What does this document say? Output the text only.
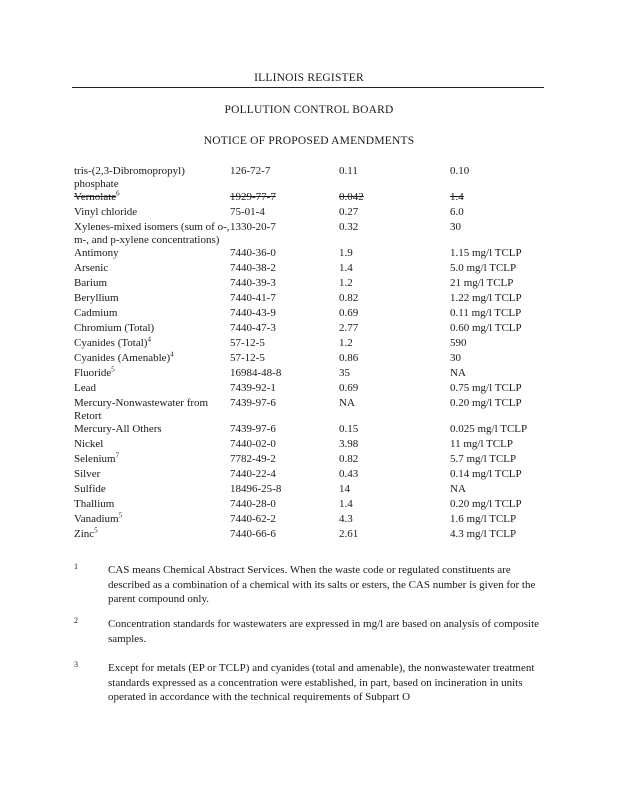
ILLINOIS REGISTER
POLLUTION CONTROL BOARD
NOTICE OF PROPOSED AMENDMENTS
tris-(2,3-Dibromopropyl) phosphate	126-72-7	0.11	0.10
Vernolate$^6$	1929-77-7	0.042	1.4
Vinyl chloride	75-01-4	0.27	6.0
Xylenes-mixed isomers (sum of o-, m-, and p-xylene concentrations)	1330-20-7	0.32	30
Antimony	7440-36-0	1.9	1.15 mg/l TCLP
Arsenic	7440-38-2	1.4	5.0 mg/l TCLP
Barium	7440-39-3	1.2	21 mg/l TCLP
Beryllium	7440-41-7	0.82	1.22 mg/l TCLP
Cadmium	7440-43-9	0.69	0.11 mg/l TCLP
Chromium (Total)	7440-47-3	2.77	0.60 mg/l TCLP
Cyanides (Total)$^4$	57-12-5	1.2	590
Cyanides (Amenable)$^4$	57-12-5	0.86	30
Fluoride$^5$	16984-48-8	35	NA
Lead	7439-92-1	0.69	0.75 mg/l TCLP
Mercury-Nonwastewater from Retort	7439-97-6	NA	0.20 mg/l TCLP
Mercury-All Others	7439-97-6	0.15	0.025 mg/l TCLP
Nickel	7440-02-0	3.98	11 mg/l TCLP
Selenium$^7$	7782-49-2	0.82	5.7 mg/l TCLP
Silver	7440-22-4	0.43	0.14 mg/l TCLP
Sulfide	18496-25-8	14	NA
Thallium	7440-28-0	1.4	0.20 mg/l TCLP
Vanadium$^5$	7440-62-2	4.3	1.6 mg/l TCLP
Zinc$^5$	7440-66-6	2.61	4.3 mg/l TCLP
1	CAS means Chemical Abstract Services. When the waste code or regulated constituents are described as a combination of a chemical with its salts or esters, the CAS number is given for the parent compound only.
2	Concentration standards for wastewaters are expressed in mg/l are based on analysis of composite samples.
3	Except for metals (EP or TCLP) and cyanides (total and amenable), the nonwastewater treatment standards expressed as a concentration were established, in part, based on incineration in units operated in accordance with the technical requirements of Subpart O
